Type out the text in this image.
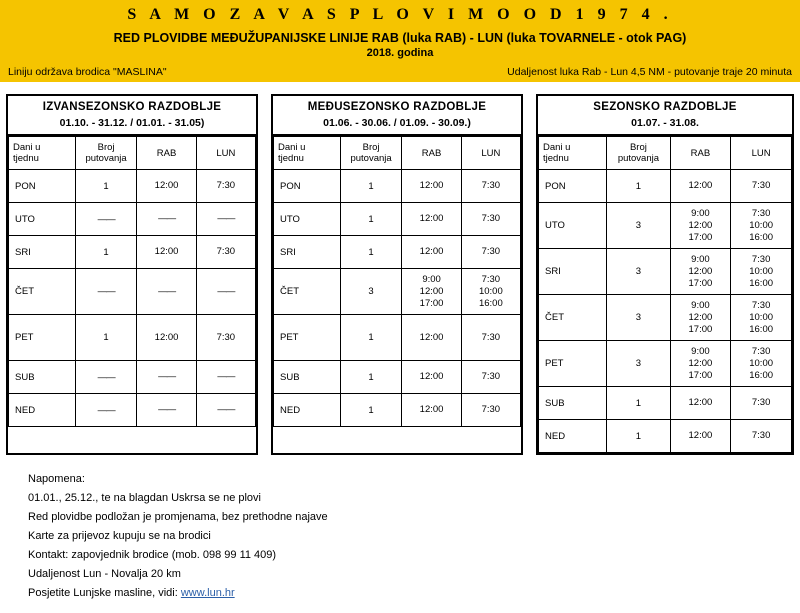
S A M O Z A V A S P L O V I M O O D 1 9 7 4 .
RED PLOVIDBE MEĐUŽUPANIJSKE LINIJE RAB (luka RAB) - LUN (luka TOVARNELE - otok PAG)
2018. godina
Liniju održava brodica "MASLINA"	Udaljenost luka Rab - Lun 4,5 NM - putovanje traje 20 minuta
IZVANSEZONSKO RAZDOBLJE
01.10. - 31.12. / 01.01. - 31.05)
Dani u
tjednu	Broj
putovanja	RAB	LUN
PON	1	12:00	7:30

UTO	——	——	——

SRI	1	12:00	7:30

ČET	——	——	——

PET	1	12:00	7:30

SUB	——	——	——

NED	——	——	——
MEĐUSEZONSKO RAZDOBLJE
01.06. - 30.06. / 01.09. - 30.09.)
Dani u
tjednu	Broj
putovanja	RAB	LUN
PON	1	12:00	7:30

UTO	1	12:00	7:30

SRI	1	12:00	7:30

ČET	3	9:00
12:00
17:00	7:30
10:00
16:00

PET	1	12:00	7:30

SUB	1	12:00	7:30

NED	1	12:00	7:30
SEZONSKO RAZDOBLJE
01.07. - 31.08.
Dani u
tjednu	Broj
putovanja	RAB	LUN
PON	1	12:00	7:30

UTO	3	9:00
12:00
17:00	7:30
10:00
16:00

SRI	3	9:00
12:00
17:00	7:30
10:00
16:00

ČET	3	9:00
12:00
17:00	7:30
10:00
16:00

PET	3	9:00
12:00
17:00	7:30
10:00
16:00

SUB	1	12:00	7:30

NED	1	12:00	7:30
Napomena:
01.01., 25.12., te na blagdan Uskrsa se ne plovi
Red plovidbe podložan je promjenama, bez prethodne najave
Karte za prijevoz kupuju se na brodici
Kontakt: zapovjednik brodice (mob. 098 99 11 409)
Udaljenost Lun - Novalja 20 km
Posjetite Lunjske masline, vidi: www.lun.hr
